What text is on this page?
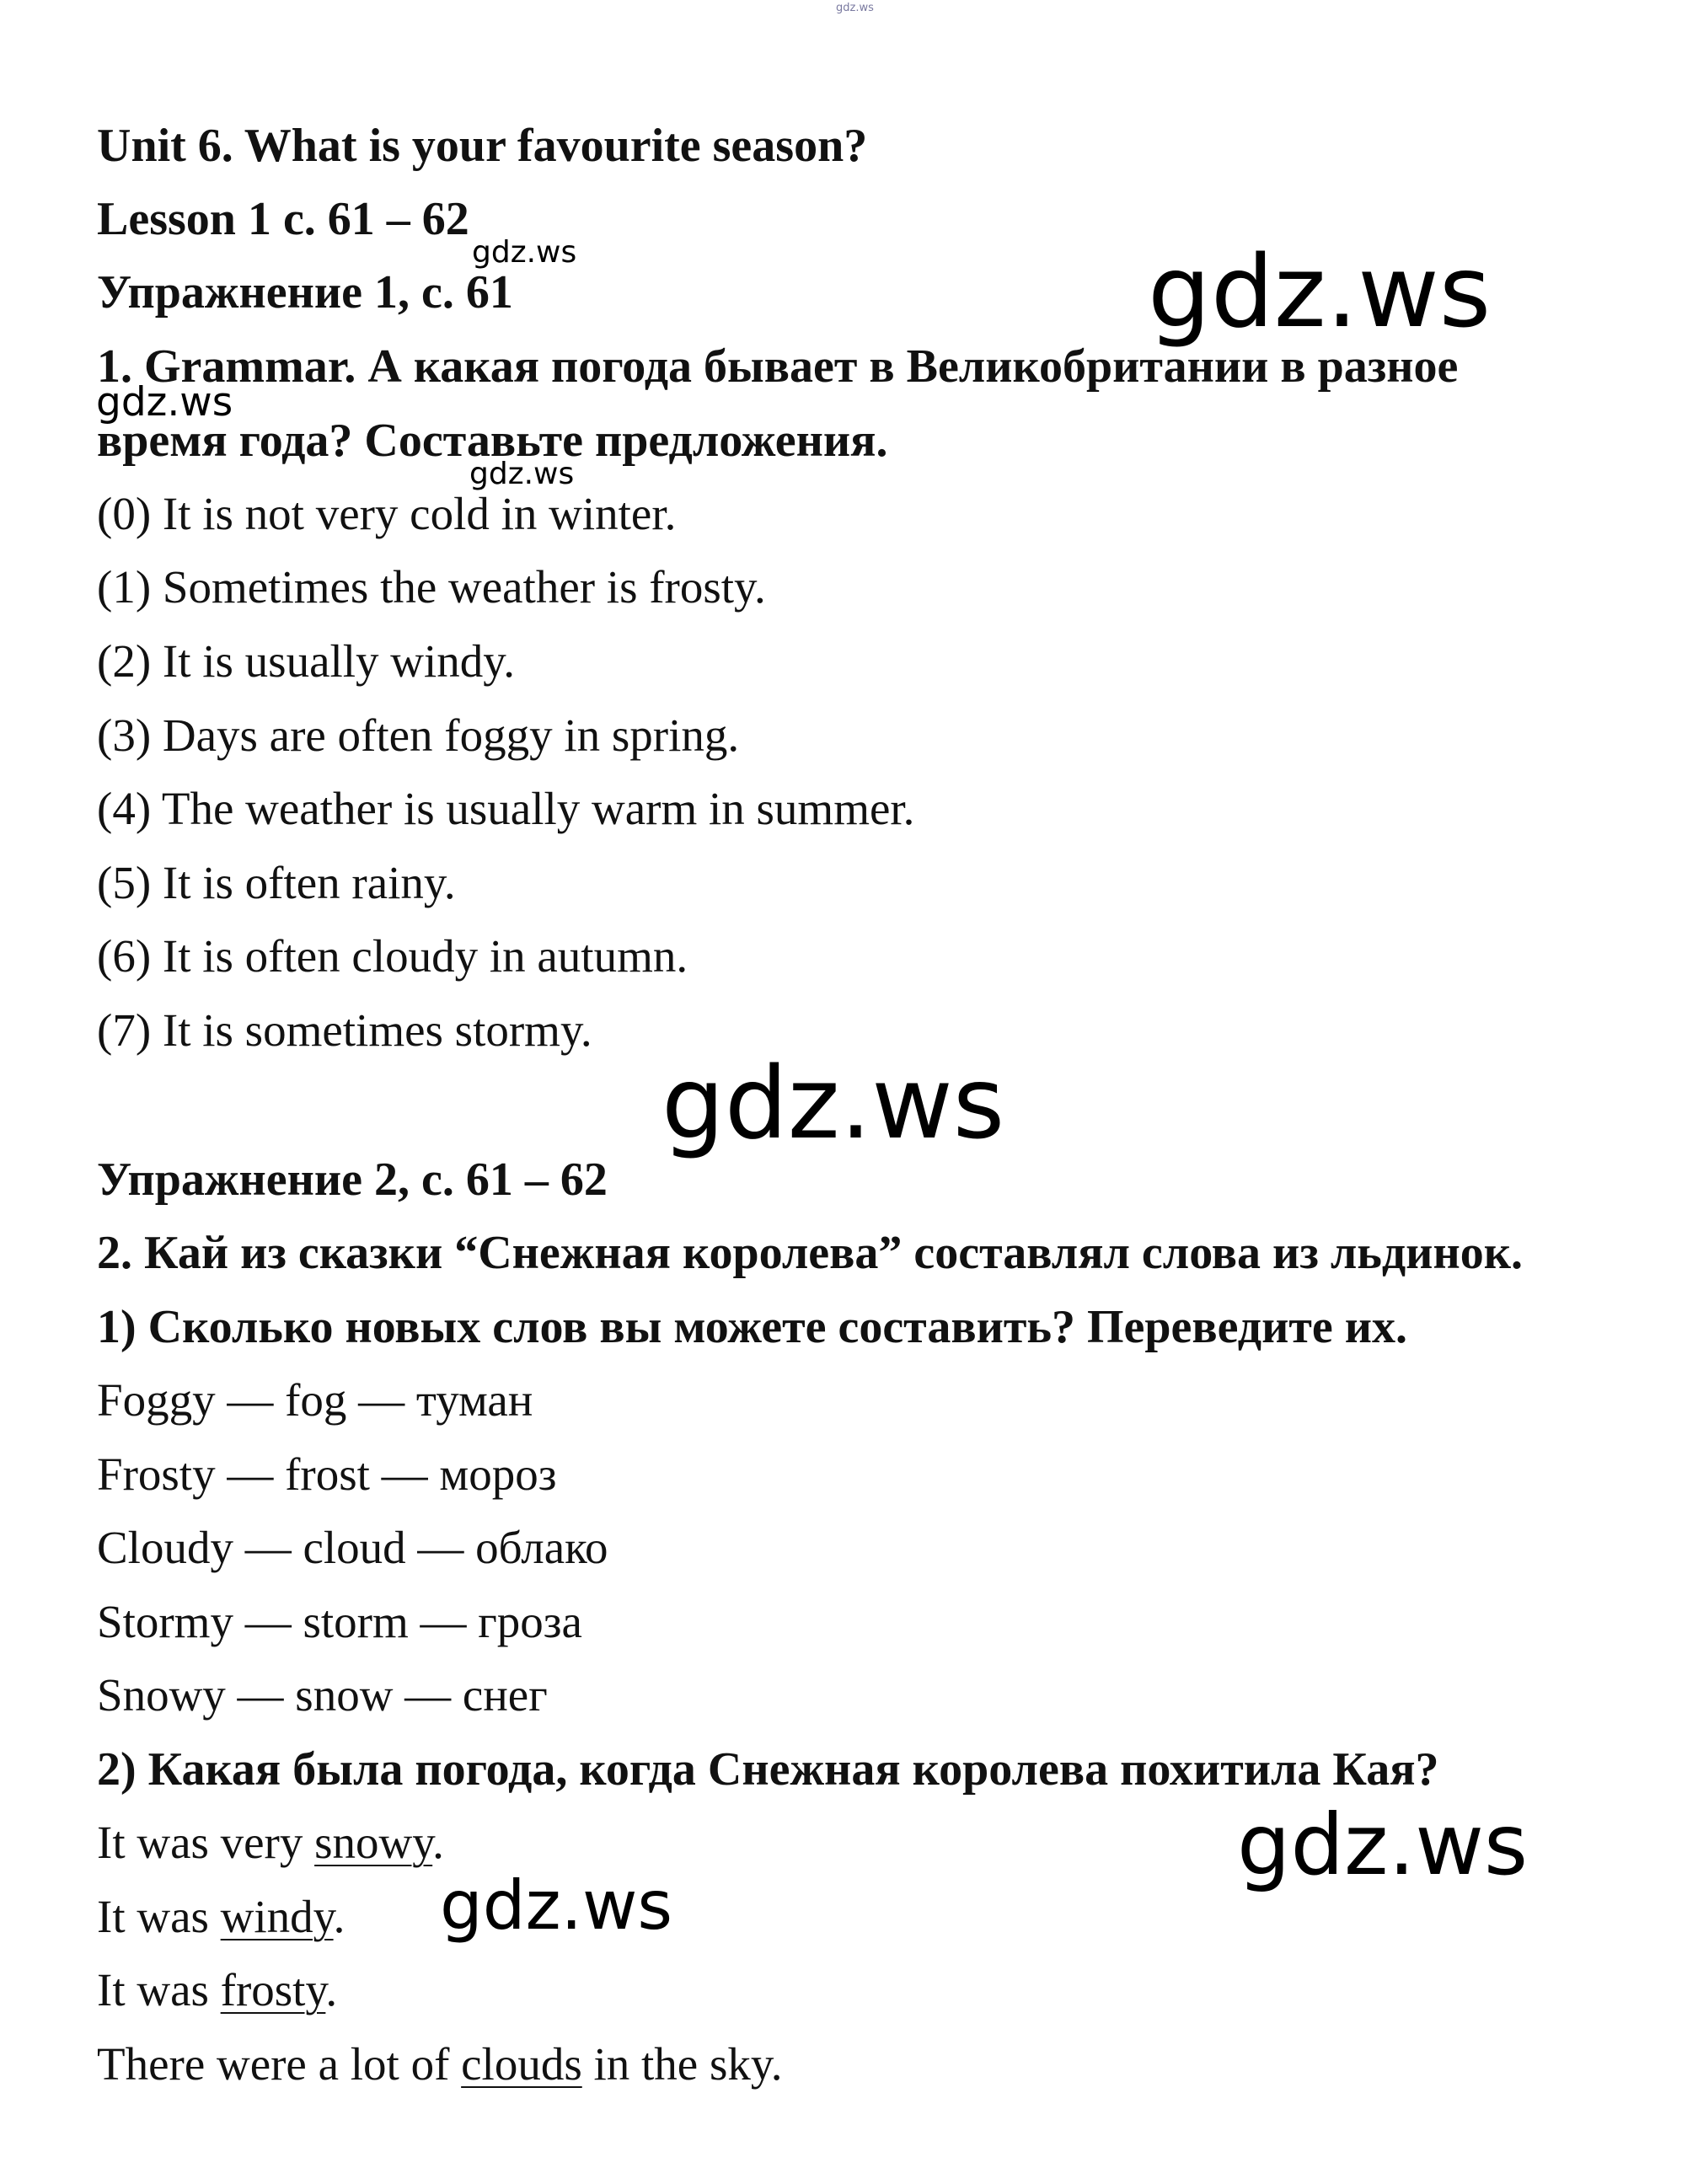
gdz.ws
gdz.ws	gdz.ws
gdz.ws
gdz.ws
gdz.ws
gdz.ws
gdz.ws
Unit 6. What is your favourite season?
Lesson 1 с. 61 – 62
Упражнение 1, с. 61
1. Grammar. А какая погода бывает в Великобритании в разное
время года? Составьте предложения.
(0) It is not very cold in winter.
(1) Sometimes the weather is frosty.
(2) It is usually windy.
(3) Days are often foggy in spring.
(4) The weather is usually warm in summer.
(5) It is often rainy.
(6) It is often cloudy in autumn.
(7) It is sometimes stormy.
Упражнение 2, с. 61 – 62
2. Кай из сказки “Снежная королева” составлял слова из льдинок.
1) Сколько новых слов вы можете составить? Переведите их.
Foggy — fog — туман
Frosty — frost — мороз
Cloudy — cloud — облако
Stormy — storm — гроза
Snowy — snow — снег
2) Какая была погода, когда Снежная королева похитила Кая?
It was very snowy.
It was windy.
It was frosty.
There were a lot of clouds in the sky.
